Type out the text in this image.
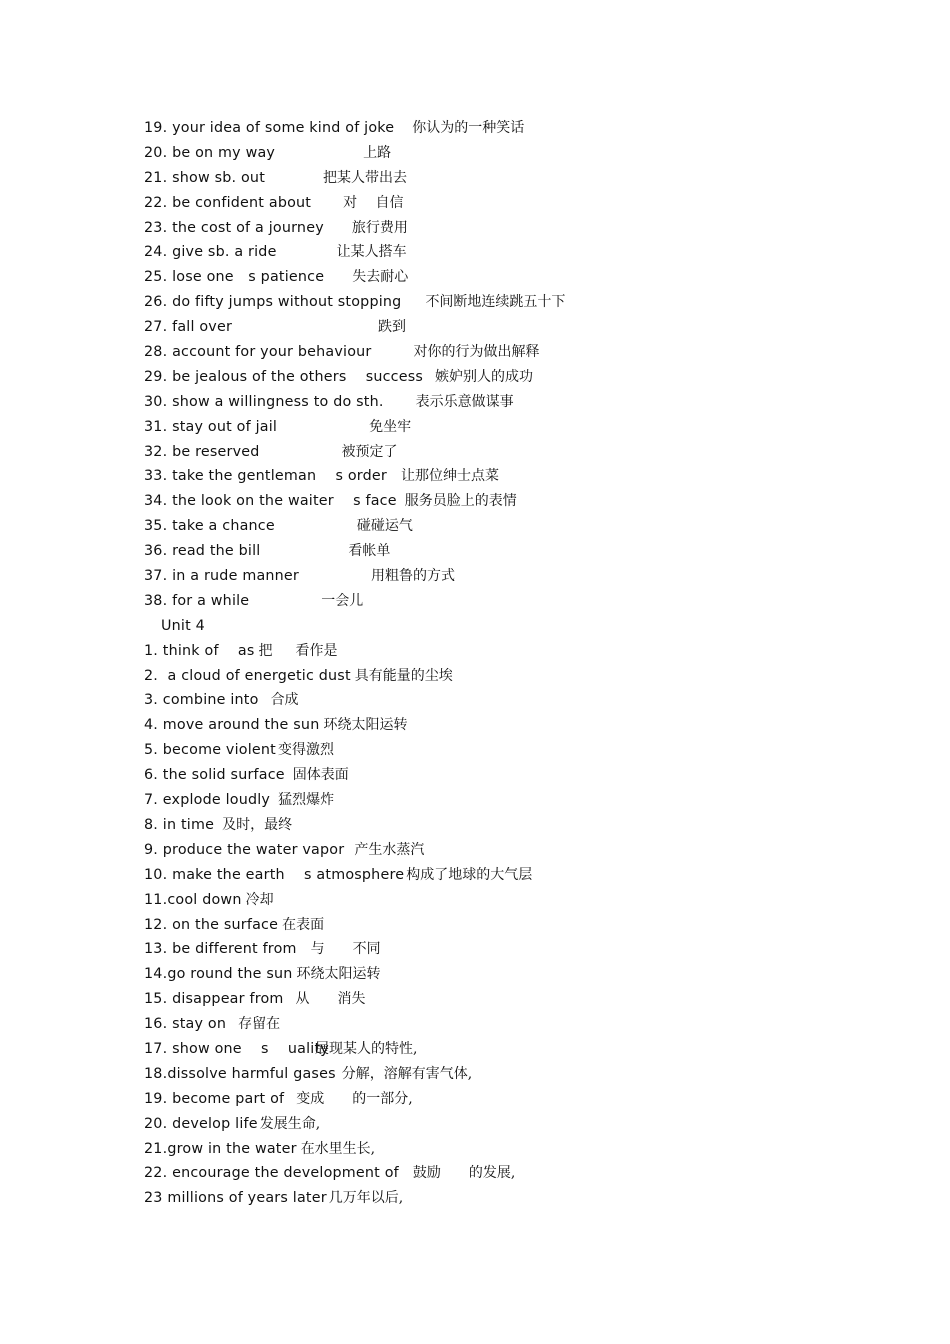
19. your idea of some kind of joke 你认为的一种笑话
20. be on my way	上路
21. show sb. out	把某人带出去
22. be confident about 对　 自信
23. the cost of a journey 旅行费用
24. give sb. a ride	让某人搭车
25. lose one　s patience 失去耐心
26. do fifty jumps without stopping 不间断地连续跳五十下
27. fall over	跌到
28. account for your behaviour	对你的行为做出解释
29. be jealous of the others　 success 嫉妒别人的成功
30. show a willingness to do sth. 表示乐意做谋事
31. stay out of jail	免坐牢
32. be reserved	被预定了
33. take the gentleman　 s order 让那位绅士点菜
34. the look on the waiter　 s face 服务员脸上的表情
35. take a chance	碰碰运气
36. read the bill	看帐单
37. in a rude manner	用粗鲁的方式
38. for a while	一会儿
Unit 4
1. think of　 as 把　  看作是
2.  a cloud of energetic dust 具有能量的尘埃
3. combine into 合成
4. move around the sun 环绕太阳运转
5. become violent 变得激烈
6. the solid surface 固体表面
7. explode loudly 猛烈爆炸
8. in time 及时，最终
9. produce the water vapor 产生水蒸汽
10. make the earth　 s atmosphere 构成了地球的大气层
11.cool down 冷却
12. on the surface 在表面
13. be different from 与　　不同
14.go round the sun 环绕太阳运转
15. disappear from 从　　消失
16. stay on 存留在
17. show one　 s　 uality展现某人的特性,
18.dissolve harmful gases 分解，溶解有害气体,
19. become part of 变成　　的一部分,
20. develop life 发展生命,
21.grow in the water 在水里生长,
22. encourage the development of 鼓励　　的发展,
23 millions of years later 几万年以后,
